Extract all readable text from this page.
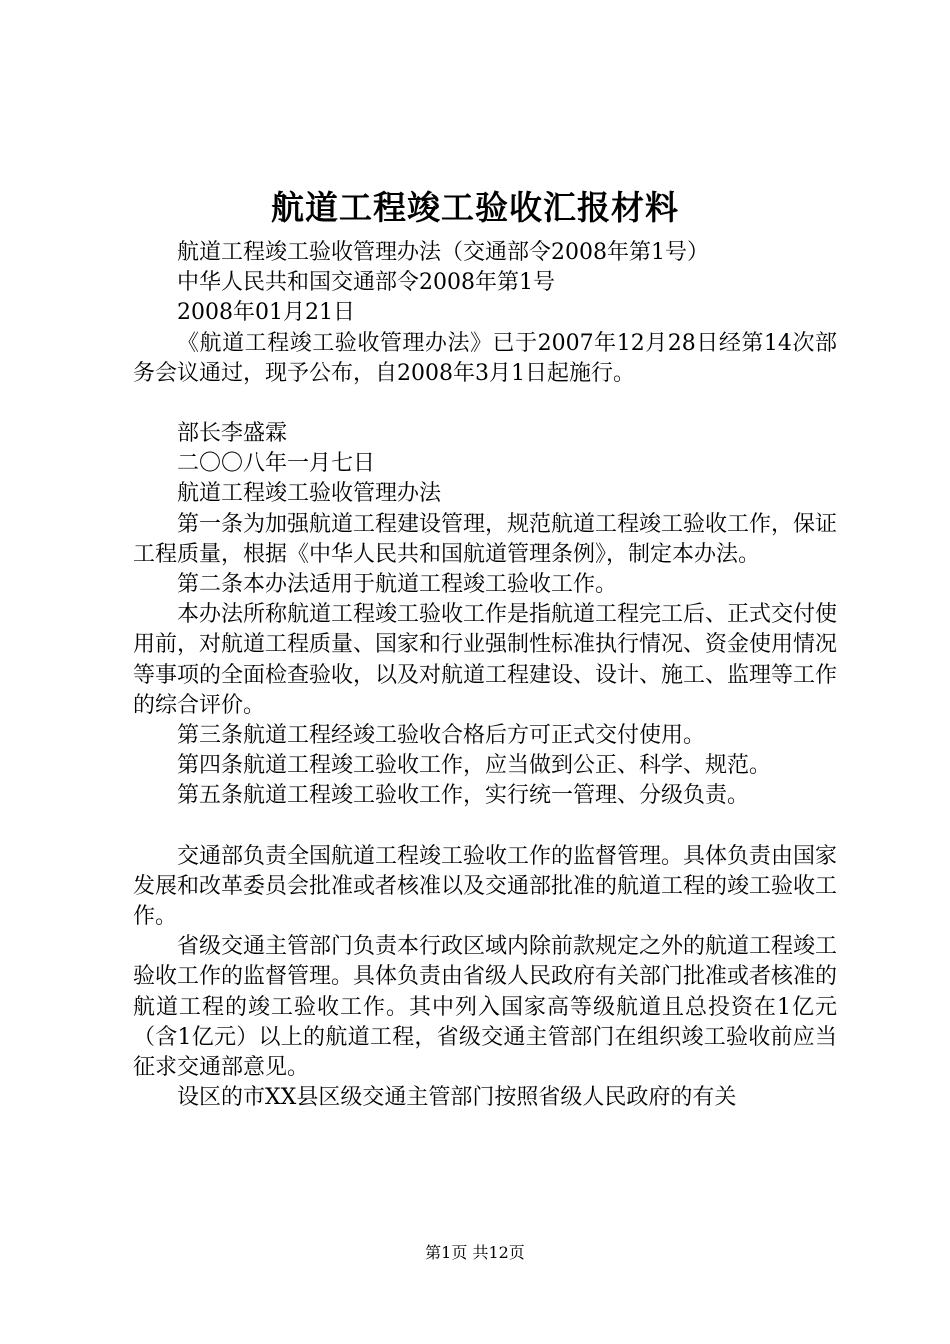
航道工程竣工验收汇报材料

航道工程竣工验收管理办法（交通部令2008年第1号）

中华人民共和国交通部令2008年第1号

2008年01月21日

《航道工程竣工验收管理办法》已于2007年12月28日经第14次部务会议通过，现予公布，自2008年3月1日起施行。

部长李盛霖

二〇〇八年一月七日

航道工程竣工验收管理办法

第一条为加强航道工程建设管理，规范航道工程竣工验收工作，保证工程质量，根据《中华人民共和国航道管理条例》，制定本办法。

第二条本办法适用于航道工程竣工验收工作。

本办法所称航道工程竣工验收工作是指航道工程完工后、正式交付使用前，对航道工程质量、国家和行业强制性标准执行情况、资金使用情况等事项的全面检查验收，以及对航道工程建设、设计、施工、监理等工作的综合评价。

第三条航道工程经竣工验收合格后方可正式交付使用。

第四条航道工程竣工验收工作，应当做到公正、科学、规范。

第五条航道工程竣工验收工作，实行统一管理、分级负责。

交通部负责全国航道工程竣工验收工作的监督管理。具体负责由国家发展和改革委员会批准或者核准以及交通部批准的航道工程的竣工验收工作。

省级交通主管部门负责本行政区域内除前款规定之外的航道工程竣工验收工作的监督管理。具体负责由省级人民政府有关部门批准或者核准的航道工程的竣工验收工作。其中列入国家高等级航道且总投资在1亿元（含1亿元）以上的航道工程，省级交通主管部门在组织竣工验收前应当征求交通部意见。

设区的市XX县区级交通主管部门按照省级人民政府的有关

第1页 共12页
